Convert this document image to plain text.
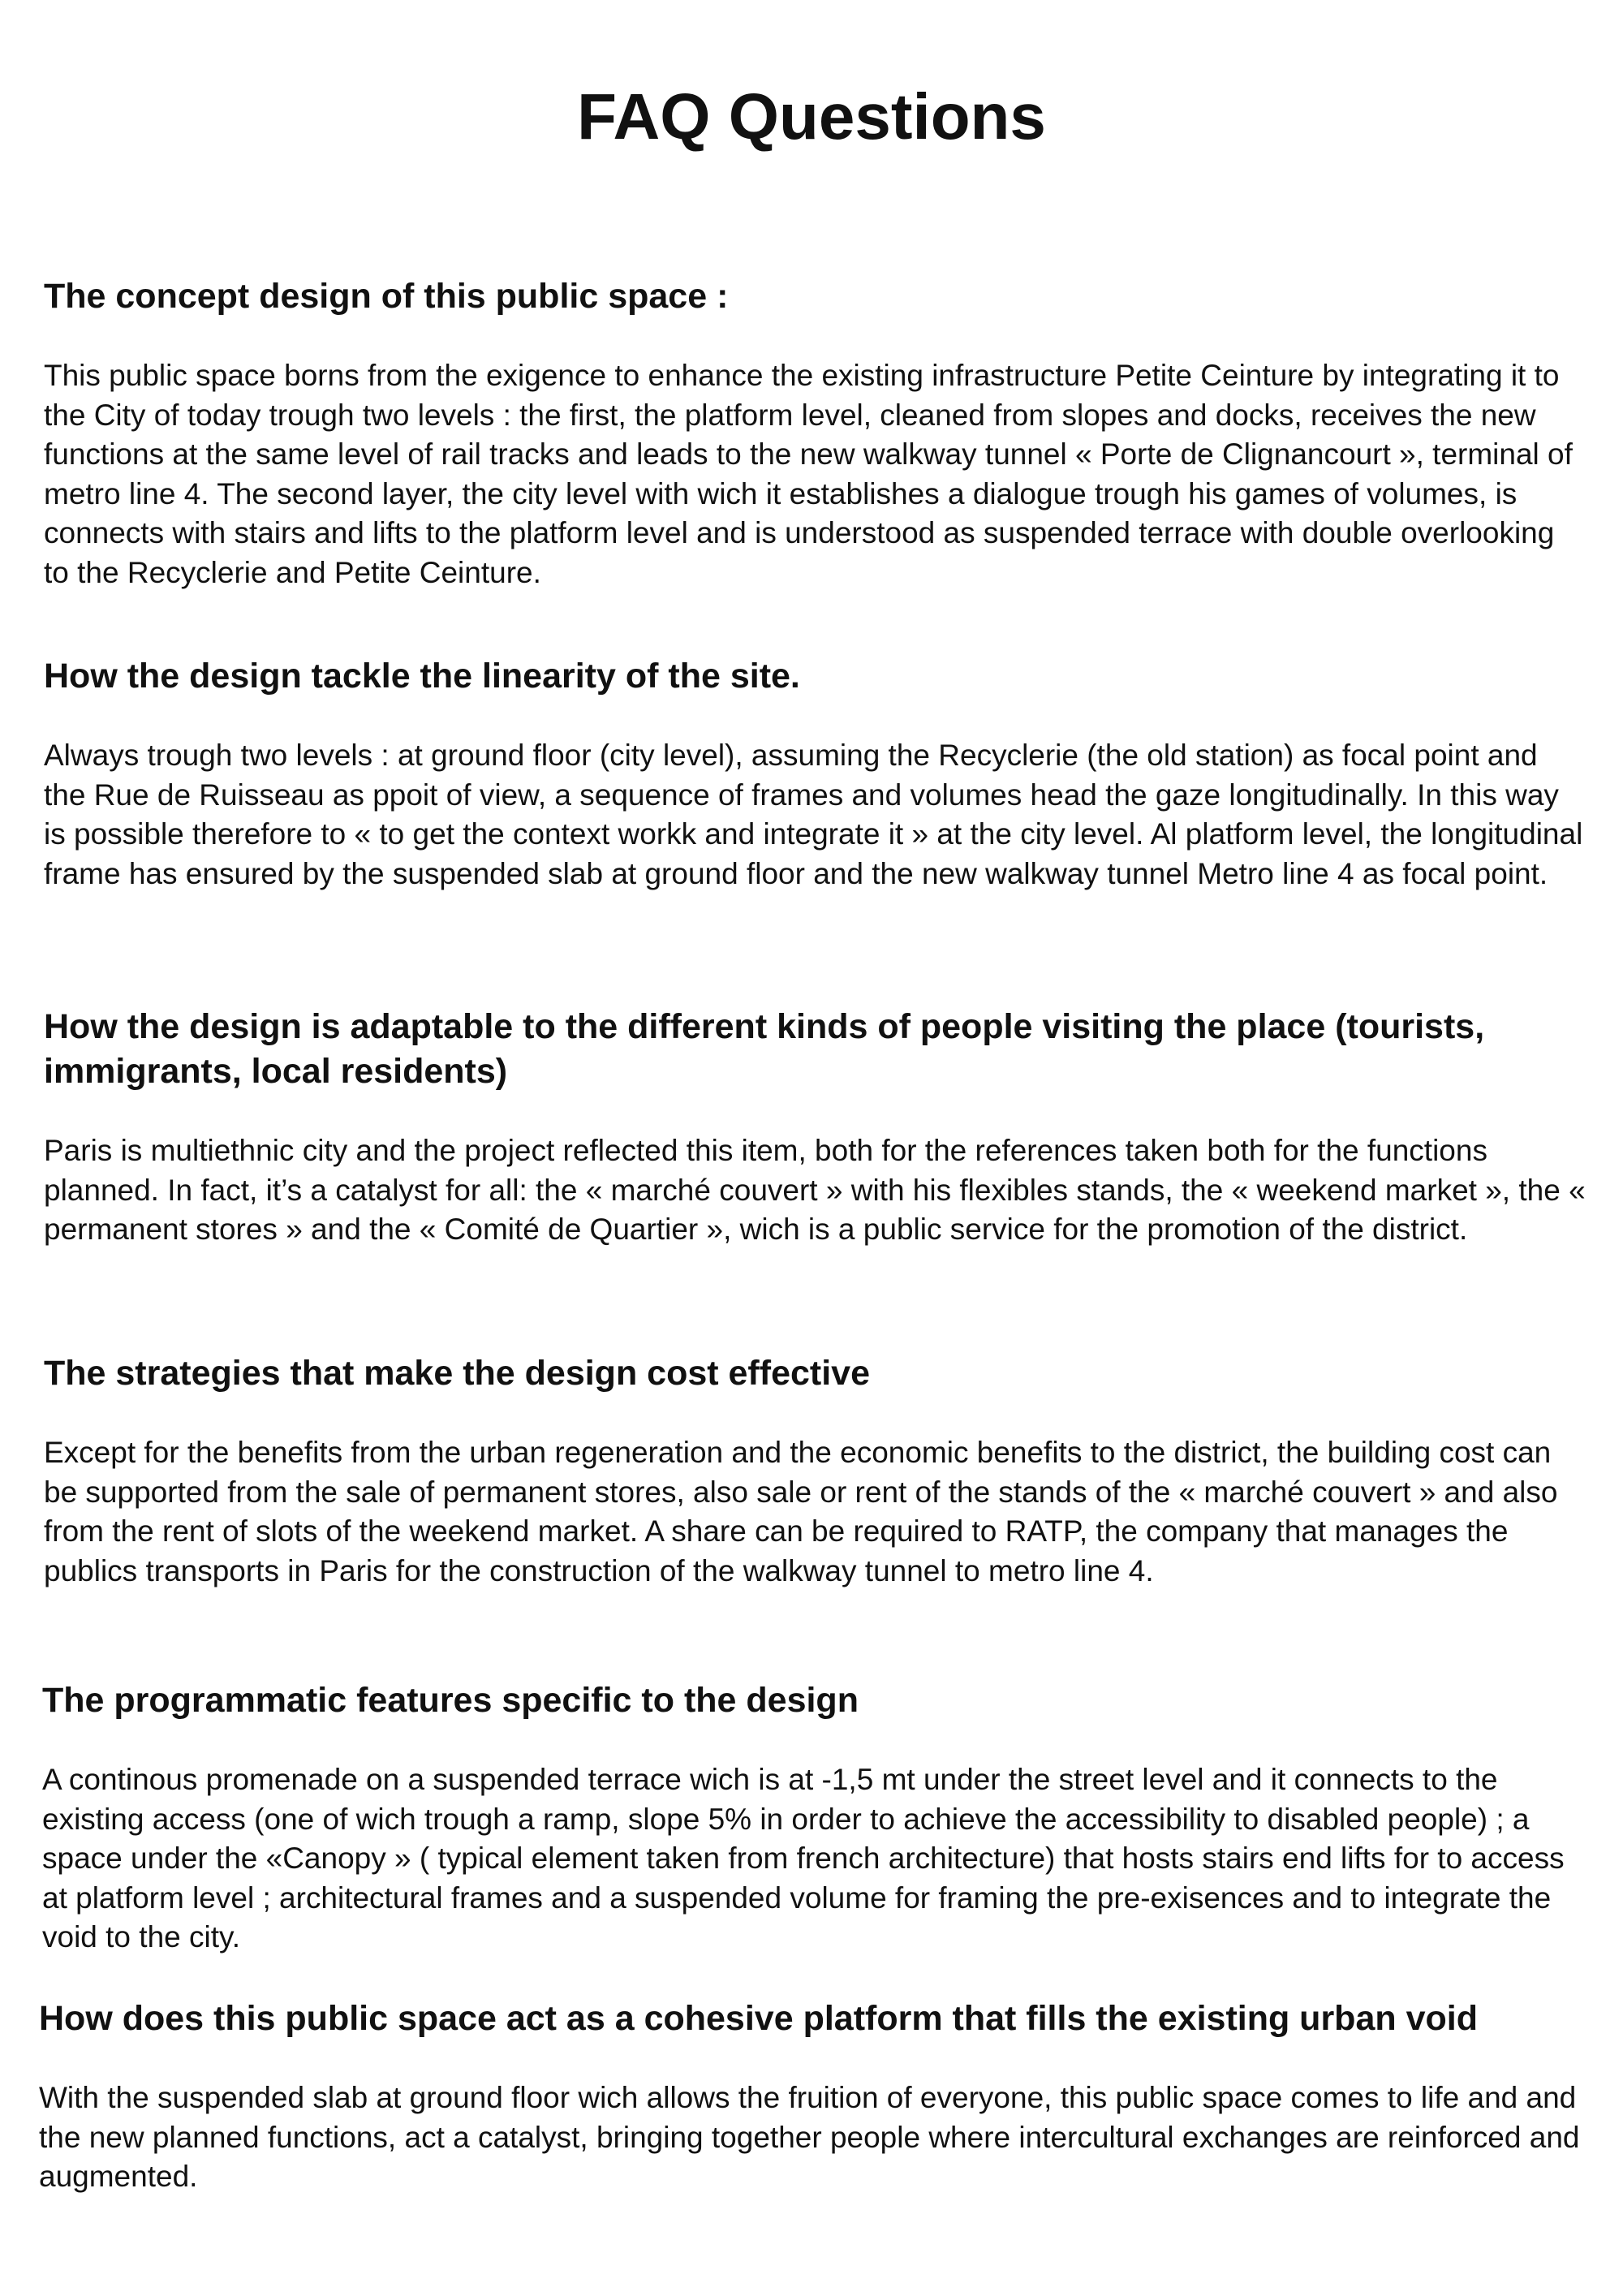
FAQ Questions
The concept design of this public space :

This public space borns from the exigence to enhance the existing infrastructure Petite Ceinture by integrating it to the City of today trough two levels : the first, the platform level, cleaned from slopes and docks, receives the new functions at the same level of rail tracks and leads to the new walkway tunnel « Porte de Clignancourt », terminal of metro line 4. The second layer, the city level with wich it establishes a dialogue trough his games of volumes, is connects with stairs and lifts to the platform level and is understood as suspended terrace with double overlooking to the Recyclerie and Petite Ceinture.

How the design tackle the linearity of the site.

Always trough two levels : at ground floor (city level), assuming the Recyclerie (the old station) as focal point and the Rue de Ruisseau as ppoit of view, a sequence of frames and volumes head the gaze longitudinally. In this way is possible therefore to « to get the context workk and integrate it » at the city level. Al platform level, the longitudinal frame has ensured by the suspended slab at ground floor and the new walkway tunnel Metro line 4 as focal point.

How the design is adaptable to the different kinds of people visiting the place (tourists, immigrants, local residents)

Paris is multiethnic city and the project reflected this item, both for the references taken both for the functions planned. In fact, it’s a catalyst for all: the « marché couvert » with his flexibles stands, the « weekend market », the « permanent stores » and the « Comité de Quartier », wich is a public service for the promotion of the district.

The strategies that make the design cost effective

Except for the benefits from the urban regeneration and the economic benefits to the district, the building cost can be supported from the sale of permanent stores, also sale or rent of the stands of the « marché couvert » and also from the rent of slots of the weekend market. A share can be required to RATP, the company that manages the publics transports in Paris for the construction of the walkway tunnel to metro line 4.

The programmatic features specific to the design

A continous promenade on a suspended terrace wich is at -1,5 mt under the street level and it connects to the existing access (one of wich trough a ramp, slope 5% in order to achieve the accessibility to disabled people) ; a space under the «Canopy » ( typical element taken from french architecture) that hosts stairs end lifts for to access at platform level ; architectural frames and a suspended volume for framing the pre-exisences and to integrate the void to the city.

How does this public space act as a cohesive platform that fills the existing urban void

With the suspended slab at ground floor wich allows the fruition of everyone, this public space comes to life and and the new planned functions, act a catalyst, bringing together people where intercultural exchanges are reinforced and augmented.
